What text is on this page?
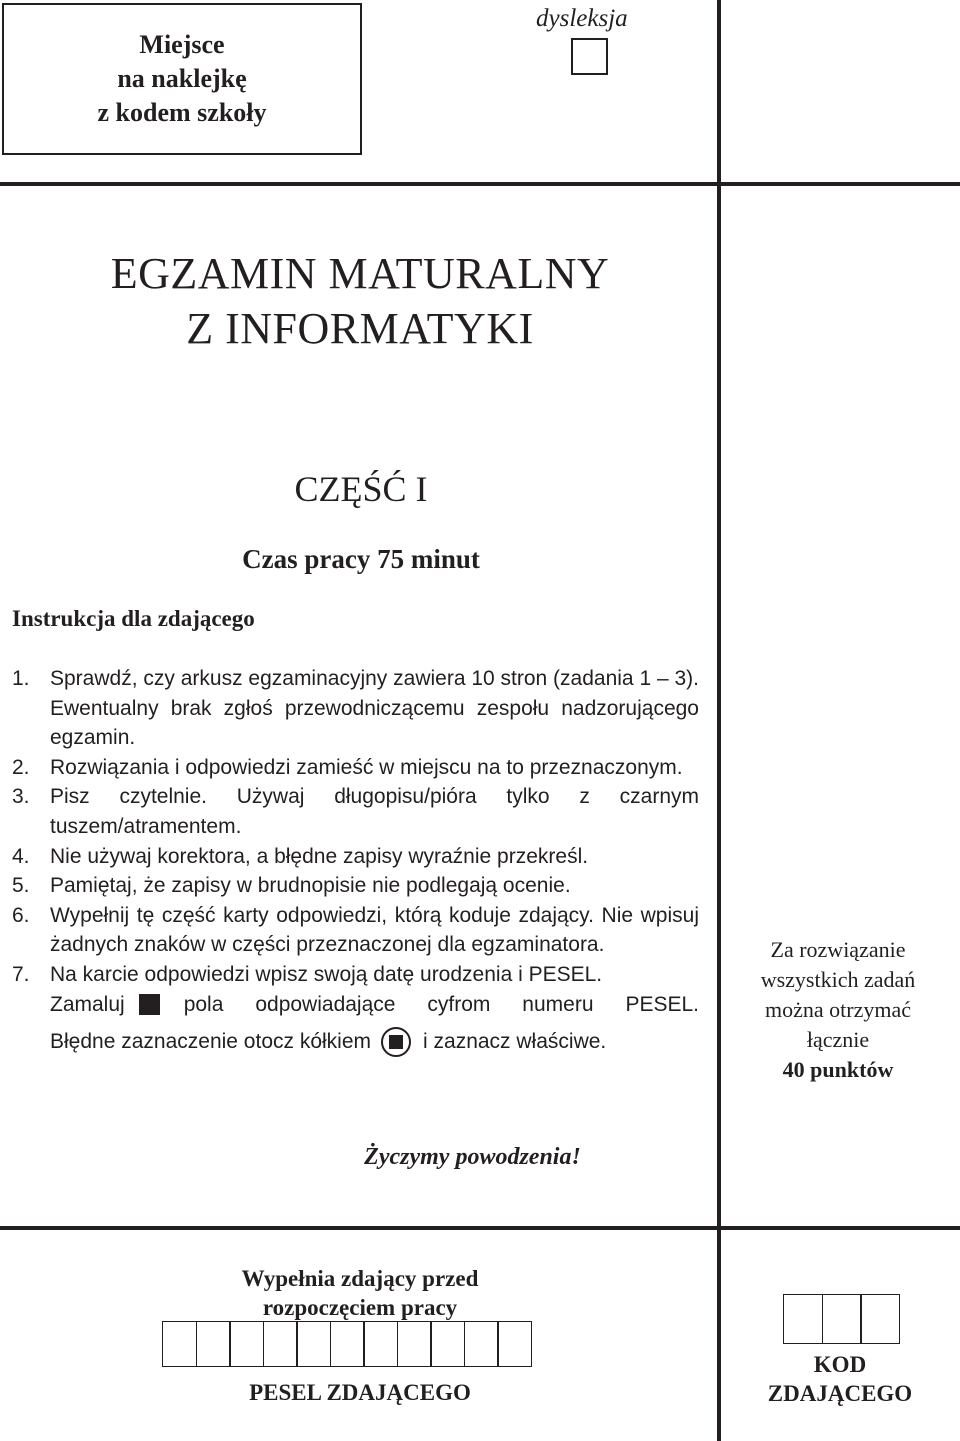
Miejsce
na naklejkę
z kodem szkoły
dysleksja
EGZAMIN MATURALNY
Z INFORMATYKI
CZĘŚĆ I
Czas pracy 75 minut
Instrukcja dla zdającego
1. Sprawdź, czy arkusz egzaminacyjny zawiera 10 stron (zadania 1 – 3). Ewentualny brak zgłoś przewodniczącemu zespołu nadzorującego egzamin.
2. Rozwiązania i odpowiedzi zamieść w miejscu na to przeznaczonym.
3. Pisz czytelnie. Używaj długopisu/pióra tylko z czarnym tuszem/atramentem.
4. Nie używaj korektora, a błędne zapisy wyraźnie przekreśl.
5. Pamiętaj, że zapisy w brudnopisie nie podlegają ocenie.
6. Wypełnij tę część karty odpowiedzi, którą koduje zdający. Nie wpisuj żadnych znaków w części przeznaczonej dla egzaminatora.
7. Na karcie odpowiedzi wpisz swoją datę urodzenia i PESEL.
Zamaluj	pola odpowiadające cyfrom numeru PESEL.
Błędne zaznaczenie otocz kółkiem i zaznacz właściwe.
Za rozwiązanie
wszystkich zadań
można otrzymać
łącznie
40 punktów
Życzymy powodzenia!
Wypełnia zdający przed
rozpoczęciem pracy
PESEL ZDAJĄCEGO
KOD
ZDAJĄCEGO
